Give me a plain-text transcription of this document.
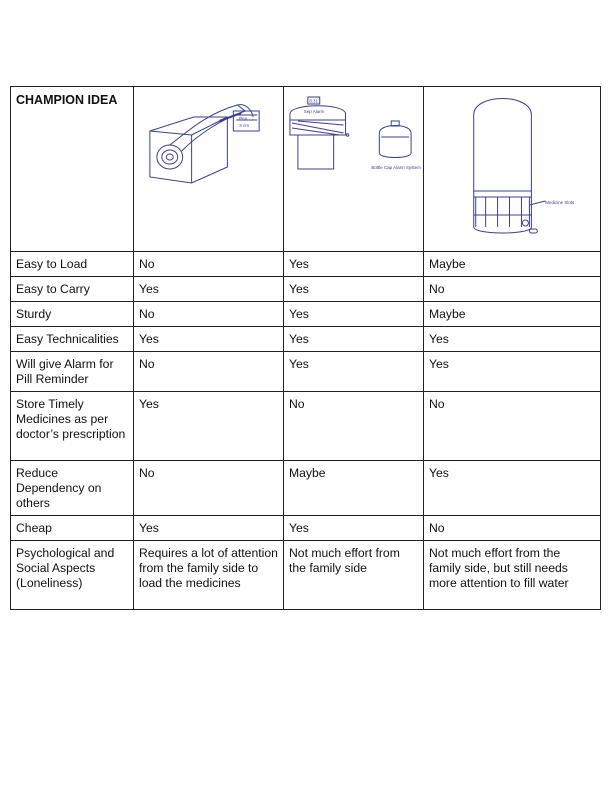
CHAMPION IDEA	Pen
3 cm	8:31
Sep Alarm
Bottle Cap Alarm System	Medicine Slots

Easy to Load	No	Yes	Maybe
Easy to Carry	Yes	Yes	No
Sturdy	No	Yes	Maybe
Easy Technicalities	Yes	Yes	Yes
Will give Alarm for Pill Reminder	No	Yes	Yes
Store Timely Medicines as per doctor’s prescription	Yes	No	No
Reduce Dependency on others	No	Maybe	Yes
Cheap	Yes	Yes	No
Psychological and Social Aspects (Loneliness)	Requires a lot of attention from the family side to load the medicines	Not much effort from the family side	Not much effort from the family side, but still needs more attention to fill water
